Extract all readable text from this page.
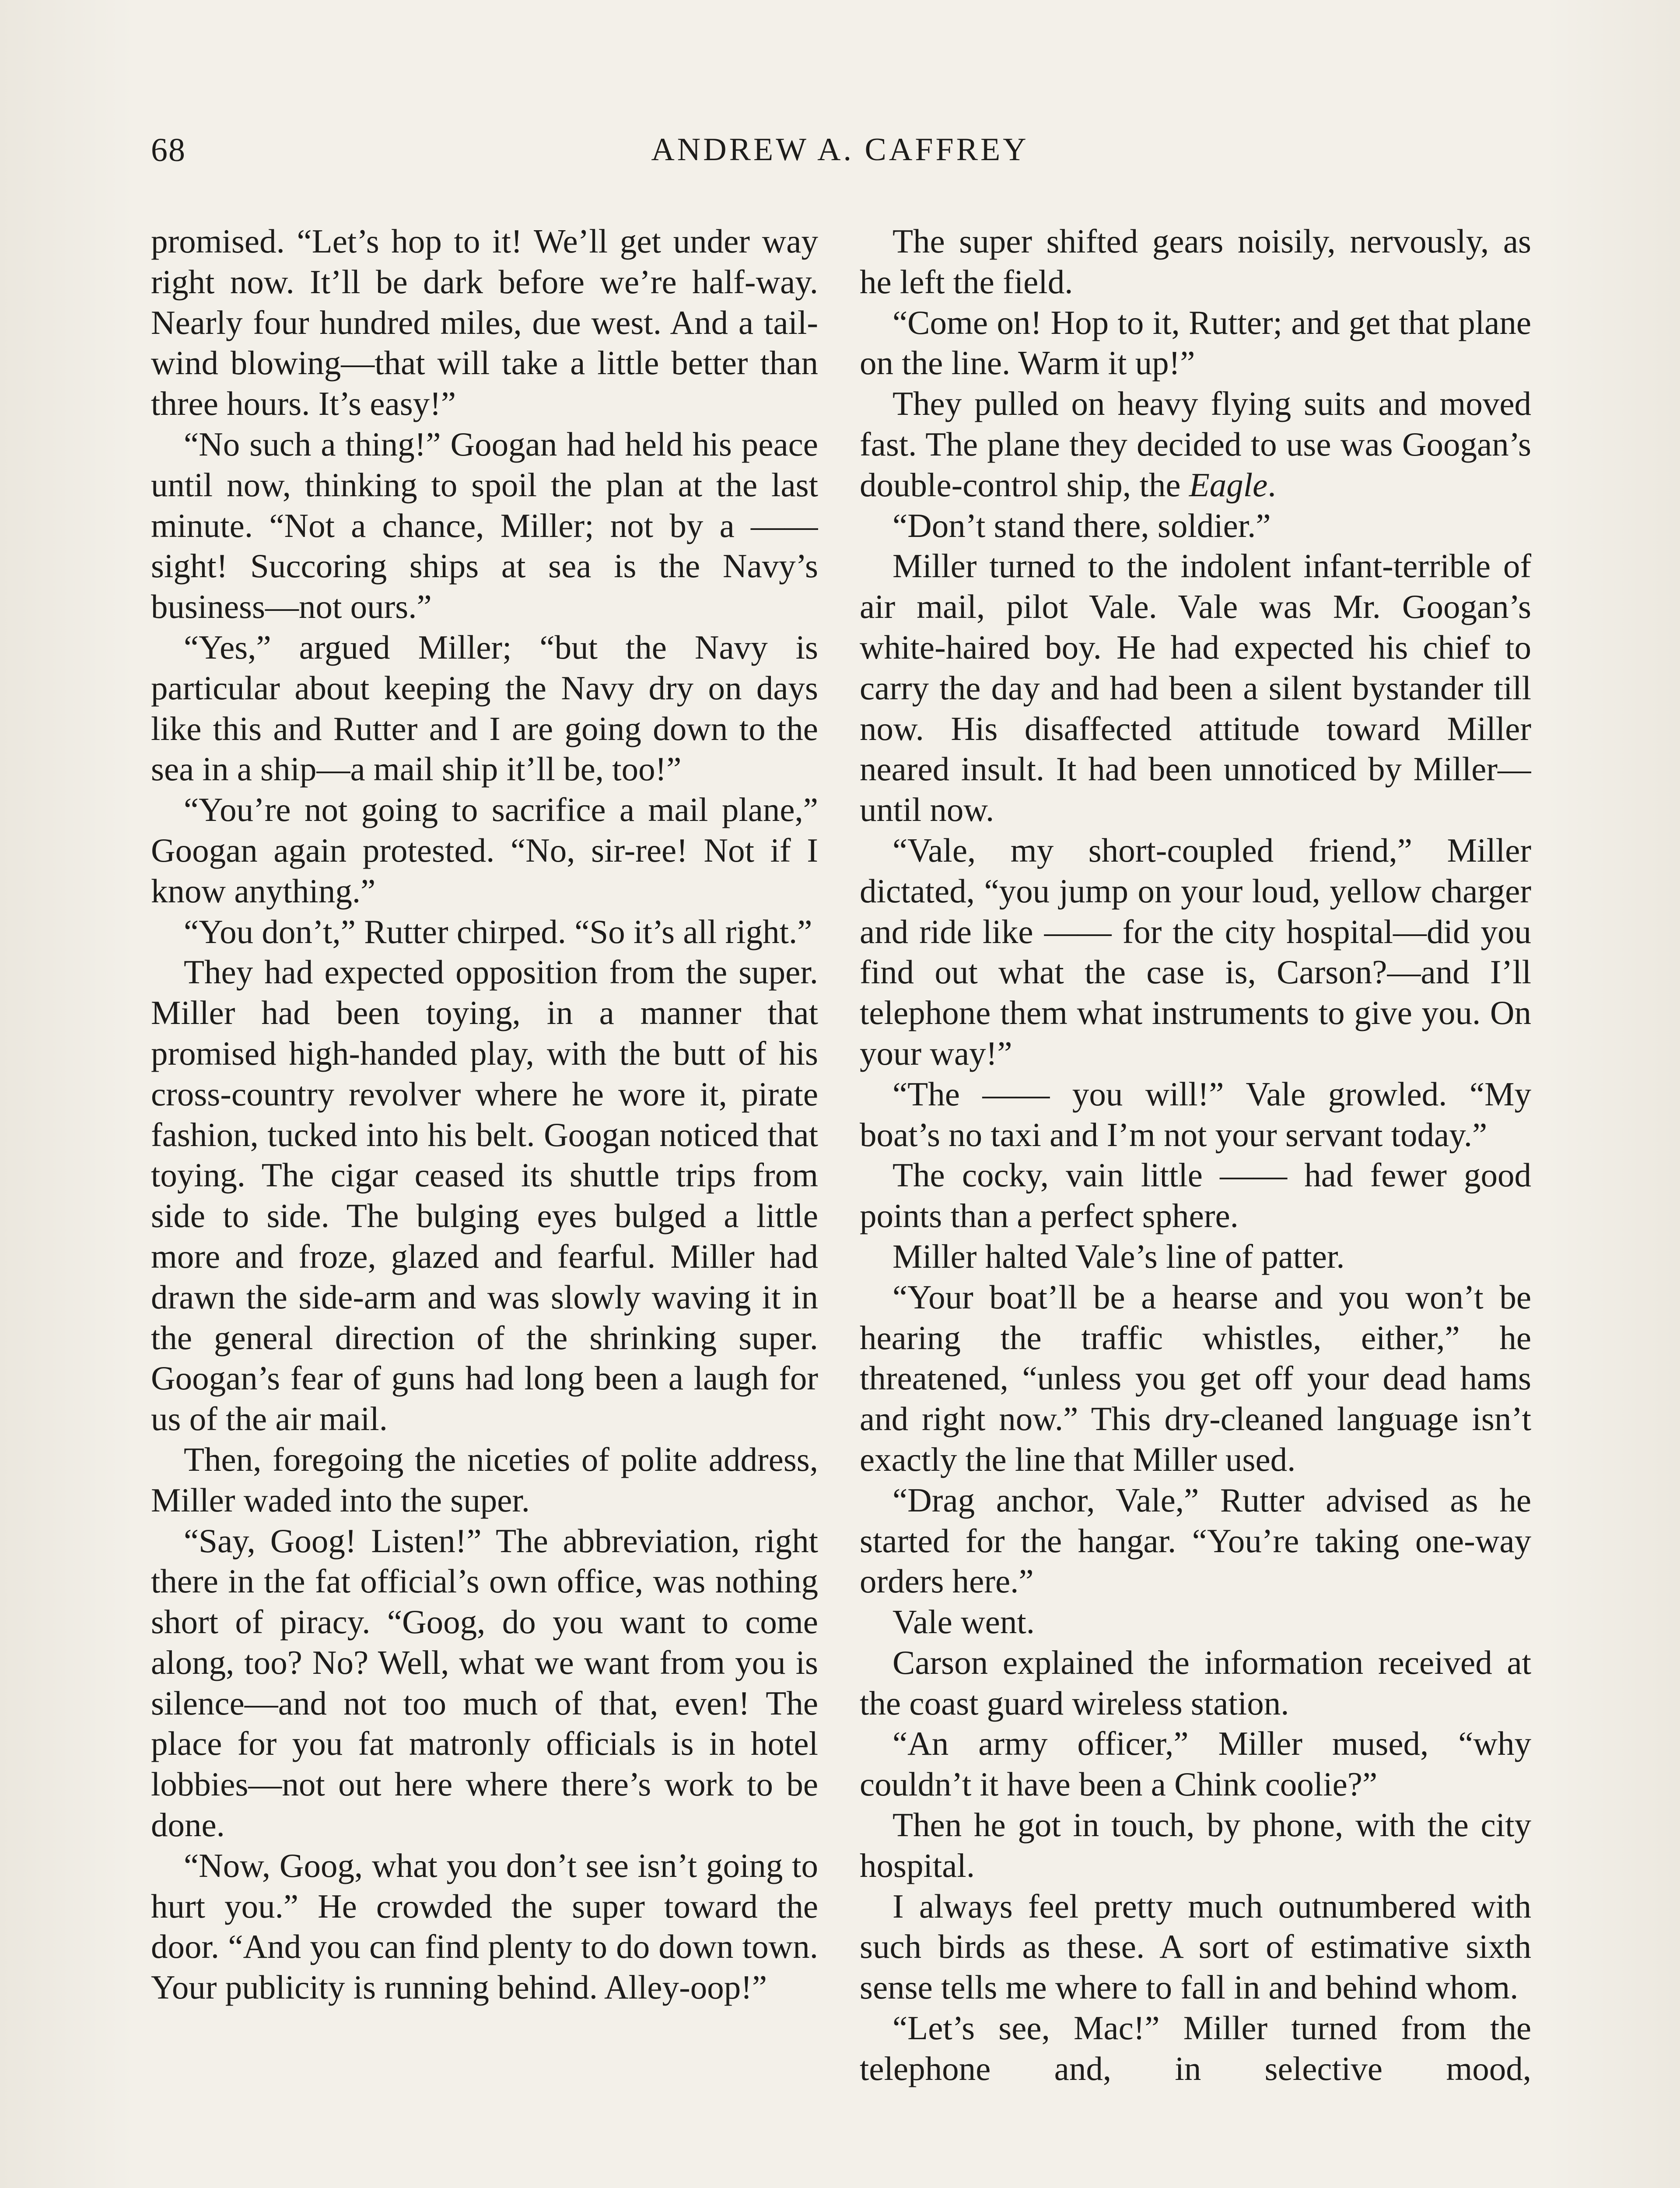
68	ANDREW A. CAFFREY

promised. “Let’s hop to it! We’ll get under way right now. It’ll be dark before we’re half-way. Nearly four hundred miles, due west. And a tail-wind blowing—that will take a little better than three hours. It’s easy!”

“No such a thing!” Googan had held his peace until now, thinking to spoil the plan at the last minute. “Not a chance, Miller; not by a —— sight! Succoring ships at sea is the Navy’s business—not ours.”

“Yes,” argued Miller; “but the Navy is particular about keeping the Navy dry on days like this and Rutter and I are going down to the sea in a ship—a mail ship it’ll be, too!”

“You’re not going to sacrifice a mail plane,” Googan again protested. “No, sir-ree! Not if I know anything.”

“You don’t,” Rutter chirped. “So it’s all right.”

They had expected opposition from the super. Miller had been toying, in a manner that promised high-handed play, with the butt of his cross-country revolver where he wore it, pirate fashion, tucked into his belt. Googan noticed that toying. The cigar ceased its shuttle trips from side to side. The bulging eyes bulged a little more and froze, glazed and fearful. Miller had drawn the side-arm and was slowly waving it in the general direction of the shrinking super. Googan’s fear of guns had long been a laugh for us of the air mail.

Then, foregoing the niceties of polite address, Miller waded into the super.

“Say, Goog! Listen!” The abbreviation, right there in the fat official’s own office, was nothing short of piracy. “Goog, do you want to come along, too? No? Well, what we want from you is silence—and not too much of that, even! The place for you fat matronly officials is in hotel lobbies—not out here where there’s work to be done.

“Now, Goog, what you don’t see isn’t going to hurt you.” He crowded the super toward the door. “And you can find plenty to do down town. Your publicity is running behind. Alley-oop!”

The super shifted gears noisily, nervously, as he left the field.

“Come on! Hop to it, Rutter; and get that plane on the line. Warm it up!”

They pulled on heavy flying suits and moved fast. The plane they decided to use was Googan’s double-control ship, the Eagle.

“Don’t stand there, soldier.”

Miller turned to the indolent infant-terrible of air mail, pilot Vale. Vale was Mr. Googan’s white-haired boy. He had expected his chief to carry the day and had been a silent bystander till now. His disaffected attitude toward Miller neared insult. It had been unnoticed by Miller—until now.

“Vale, my short-coupled friend,” Miller dictated, “you jump on your loud, yellow charger and ride like —— for the city hospital—did you find out what the case is, Carson?—and I’ll telephone them what instruments to give you. On your way!”

“The —— you will!” Vale growled. “My boat’s no taxi and I’m not your servant today.”

The cocky, vain little —— had fewer good points than a perfect sphere.

Miller halted Vale’s line of patter.

“Your boat’ll be a hearse and you won’t be hearing the traffic whistles, either,” he threatened, “unless you get off your dead hams and right now.” This dry-cleaned language isn’t exactly the line that Miller used.

“Drag anchor, Vale,” Rutter advised as he started for the hangar. “You’re taking one-way orders here.”

Vale went.

Carson explained the information received at the coast guard wireless station.

“An army officer,” Miller mused, “why couldn’t it have been a Chink coolie?”

Then he got in touch, by phone, with the city hospital.

I always feel pretty much outnumbered with such birds as these. A sort of estimative sixth sense tells me where to fall in and behind whom.

“Let’s see, Mac!” Miller turned from the telephone and, in selective mood,
